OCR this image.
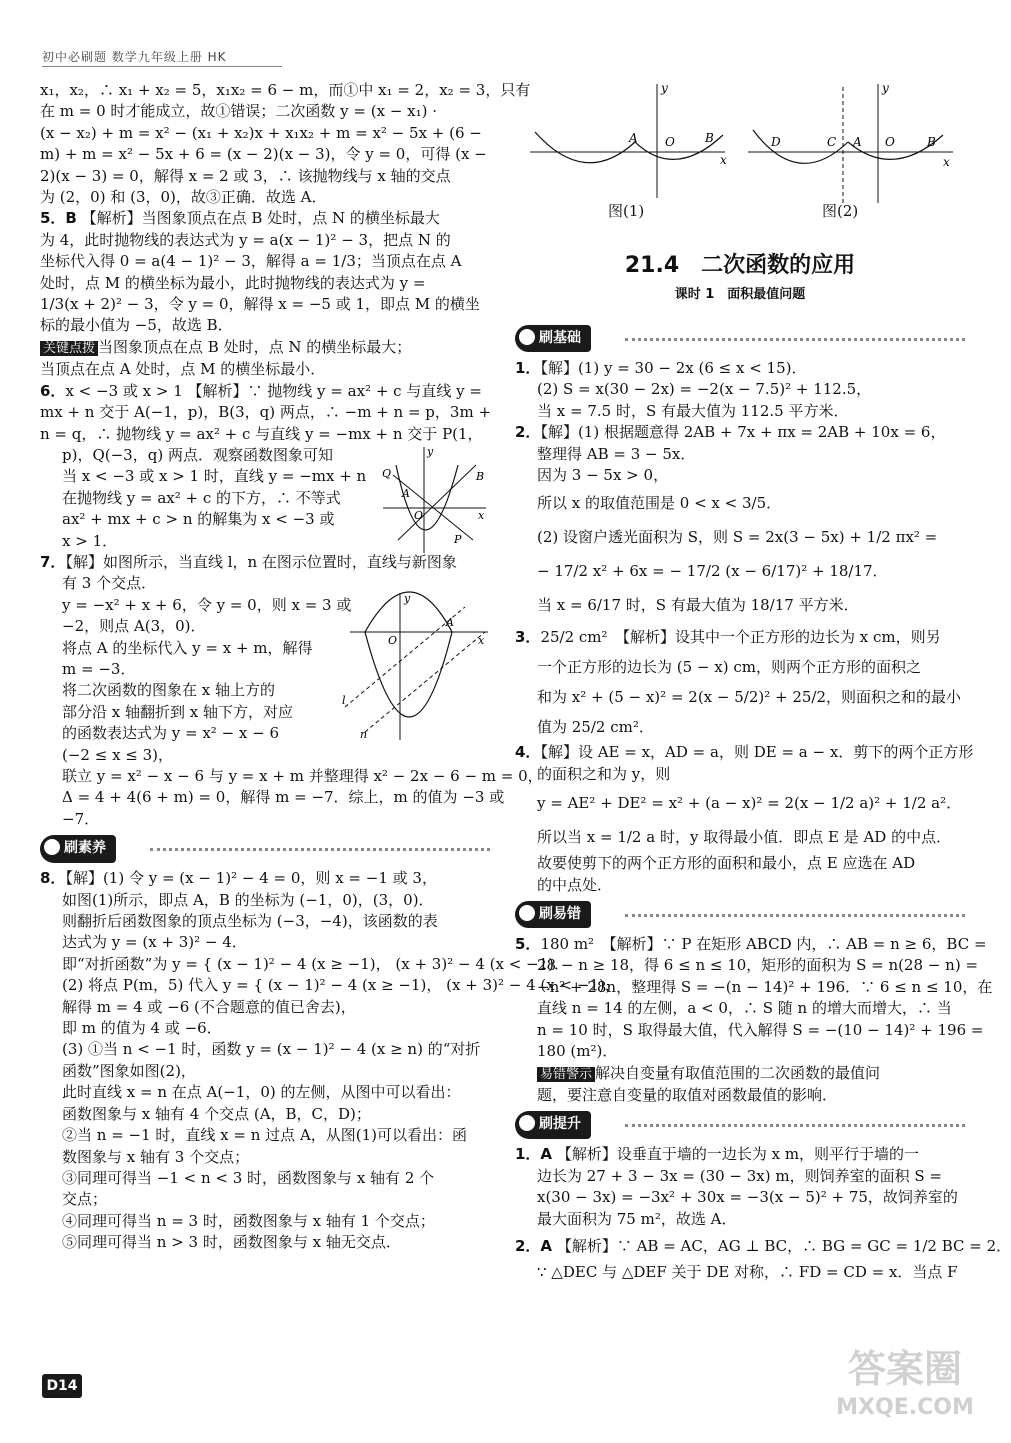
初中必刷题 数学九年级上册 HK
x₁，x₂，∴ x₁ + x₂ = 5，x₁x₂ = 6 − m，而①中 x₁ = 2，x₂ = 3，只有
在 m = 0 时才能成立，故①错误；二次函数 y = (x − x₁) ·
(x − x₂) + m = x² − (x₁ + x₂)x + x₁x₂ + m = x² − 5x + (6 −
m) + m = x² − 5x + 6 = (x − 2)(x − 3)，令 y = 0，可得 (x −
2)(x − 3) = 0，解得 x = 2 或 3，∴ 该抛物线与 x 轴的交点
为 (2，0) 和 (3，0)，故③正确．故选 A．
5．B 【解析】当图象顶点在点 B 处时，点 N 的横坐标最大
为 4，此时抛物线的表达式为 y = a(x − 1)² − 3，把点 N 的
坐标代入得 0 = a(4 − 1)² − 3，解得 a = 1/3；当顶点在点 A
处时，点 M 的横坐标为最小，此时抛物线的表达式为 y =
1/3(x + 2)² − 3，令 y = 0，解得 x = −5 或 1，即点 M 的横坐
标的最小值为 −5，故选 B．
关键点拨 当图象顶点在点 B 处时，点 N 的横坐标最大；
当顶点在点 A 处时，点 M 的横坐标最小．
6．x < −3 或 x > 1 【解析】∵ 抛物线 y = ax² + c 与直线 y =
mx + n 交于 A(−1，p)，B(3，q) 两点，∴ −m + n = p，3m +
n = q，∴ 抛物线 y = ax² + c 与直线 y = −mx + n 交于 P(1，
p)，Q(−3，q) 两点．观察函数图象可知
当 x < −3 或 x > 1 时，直线 y = −mx + n
在抛物线 y = ax² + c 的下方，∴ 不等式
ax² + mx + c > n 的解集为 x < −3 或
x > 1．
Q
A
B
O
P
y
x
7．【解】如图所示，当直线 l，n 在图示位置时，直线与新图象
有 3 个交点．
y = −x² + x + 6，令 y = 0，则 x = 3 或
−2，则点 A(3，0)．
将点 A 的坐标代入 y = x + m，解得
m = −3．
将二次函数的图象在 x 轴上方的
部分沿 x 轴翻折到 x 轴下方，对应
的函数表达式为 y = x² − x − 6
(−2 ≤ x ≤ 3)，
联立 y = x² − x − 6 与 y = x + m 并整理得 x² − 2x − 6 − m = 0，
Δ = 4 + 4(6 + m) = 0，解得 m = −7．综上，m 的值为 −3 或
−7．
y
O
A
x
l
n
刷素养
8．【解】(1) 令 y = (x − 1)² − 4 = 0，则 x = −1 或 3，
如图(1)所示，即点 A，B 的坐标为 (−1，0)，(3，0)．
则翻折后函数图象的顶点坐标为 (−3，−4)，该函数的表
达式为 y = (x + 3)² − 4．
即“对折函数”为 y = { (x − 1)² − 4 (x ≥ −1)， (x + 3)² − 4 (x < −1)．
(2) 将点 P(m，5) 代入 y = { (x − 1)² − 4 (x ≥ −1)， (x + 3)² − 4 (x < −1)，
解得 m = 4 或 −6 (不合题意的值已舍去)，
即 m 的值为 4 或 −6．
(3) ①当 n < −1 时，函数 y = (x − 1)² − 4 (x ≥ n) 的“对折
函数”图象如图(2)，
此时直线 x = n 在点 A(−1，0) 的左侧，从图中可以看出：
函数图象与 x 轴有 4 个交点 (A，B，C，D)；
②当 n = −1 时，直线 x = n 过点 A，从图(1)可以看出：函
数图象与 x 轴有 3 个交点；
③同理可得当 −1 < n < 3 时，函数图象与 x 轴有 2 个
交点；
④同理可得当 n = 3 时，函数图象与 x 轴有 1 个交点；
⑤同理可得当 n > 3 时，函数图象与 x 轴无交点．
y
A O	B
x
y
D	C A O	B
x
图(1)	图(2)
21.4　二次函数的应用
课时 1　面积最值问题
刷基础
1．【解】(1) y = 30 − 2x (6 ≤ x < 15)．
(2) S = x(30 − 2x) = −2(x − 7.5)² + 112.5，
当 x = 7.5 时，S 有最大值为 112.5 平方米．
2．【解】(1) 根据题意得 2AB + 7x + πx = 2AB + 10x = 6，
整理得 AB = 3 − 5x．
因为 3 − 5x > 0，
所以 x 的取值范围是 0 < x < 3/5．
(2) 设窗户透光面积为 S，则 S = 2x(3 − 5x) + 1/2 πx² =
− 17/2 x² + 6x = − 17/2 (x − 6/17)² + 18/17．
当 x = 6/17 时，S 有最大值为 18/17 平方米．
3．25/2 cm²　【解析】设其中一个正方形的边长为 x cm，则另
一个正方形的边长为 (5 − x) cm，则两个正方形的面积之
和为 x² + (5 − x)² = 2(x − 5/2)² + 25/2，则面积之和的最小
值为 25/2 cm²．
4．【解】设 AE = x，AD = a，则 DE = a − x．剪下的两个正方形
的面积之和为 y，则
y = AE² + DE² = x² + (a − x)² = 2(x − 1/2 a)² + 1/2 a²．
所以当 x = 1/2 a 时，y 取得最小值．即点 E 是 AD 的中点．
故要使剪下的两个正方形的面积和最小，点 E 应选在 AD
的中点处．
刷易错
5．180 m²　【解析】∵ P 在矩形 ABCD 内，∴ AB = n ≥ 6，BC =
28 − n ≥ 18，得 6 ≤ n ≤ 10，矩形的面积为 S = n(28 − n) =
−n² + 28n，整理得 S = −(n − 14)² + 196．∵ 6 ≤ n ≤ 10，在
直线 n = 14 的左侧，a < 0，∴ S 随 n 的增大而增大，∴ 当
n = 10 时，S 取得最大值，代入解得 S = −(10 − 14)² + 196 =
180 (m²)．
易错警示 解决自变量有取值范围的二次函数的最值问
题，要注意自变量的取值对函数最值的影响．
刷提升
1．A 【解析】设垂直于墙的一边长为 x m，则平行于墙的一
边长为 27 + 3 − 3x = (30 − 3x) m，则饲养室的面积 S =
x(30 − 3x) = −3x² + 30x = −3(x − 5)² + 75，故饲养室的
最大面积为 75 m²，故选 A．
2．A 【解析】∵ AB = AC，AG ⊥ BC，∴ BG = GC = 1/2 BC = 2．
∵ △DEC 与 △DEF 关于 DE 对称，∴ FD = CD = x．当点 F
D14	答案圈
MXQE.COM
